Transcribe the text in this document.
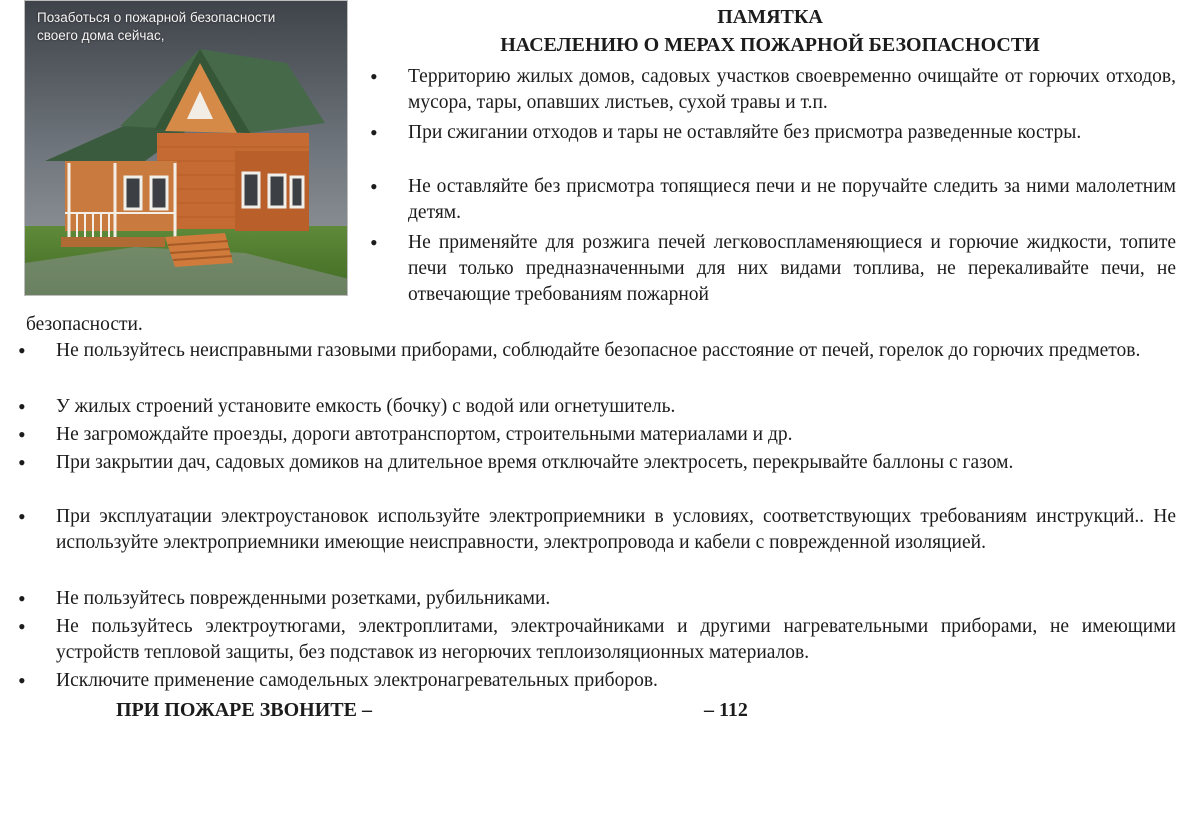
Позаботься о пожарной безопасности
своего дома сейчас,
ПАМЯТКА
НАСЕЛЕНИЮ О МЕРАХ ПОЖАРНОЙ БЕЗОПАСНОСТИ
• Территорию жилых домов, садовых участков своевременно очищайте от горючих отходов, мусора, тары, опавших листьев, сухой травы и т.п.
• При сжигании отходов и тары не оставляйте без присмотра разведенные костры.
• Не оставляйте без присмотра топящиеся печи и не поручайте следить за ними малолетним детям.
• Не применяйте для розжига печей легковоспламеняющиеся и горючие жидкости, топите печи только предназначенными для них видами топлива, не перекаливайте печи, не отвечающие требованиям пожарной
безопасности.
• Не пользуйтесь неисправными газовыми приборами, соблюдайте безопасное расстояние от печей, горелок до горючих предметов.
• У жилых строений установите емкость (бочку) с водой или огнетушитель.
• Не загромождайте проезды, дороги автотранспортом, строительными материалами и др.
• При закрытии дач, садовых домиков на длительное время отключайте электросеть, перекрывайте баллоны с газом.
• При эксплуатации электроустановок используйте электроприемники в условиях, соответствующих требованиям инструкций.. Не используйте электроприемники имеющие неисправности, электропровода и кабели с поврежденной изоляцией.
• Не пользуйтесь поврежденными розетками, рубильниками.
• Не пользуйтесь электроутюгами, электроплитами, электрочайниками и другими нагревательными приборами, не имеющими устройств тепловой защиты, без подставок из негорючих теплоизоляционных материалов.
• Исключите применение самодельных электронагревательных приборов.
ПРИ ПОЖАРЕ ЗВОНИТЕ –	– 112
